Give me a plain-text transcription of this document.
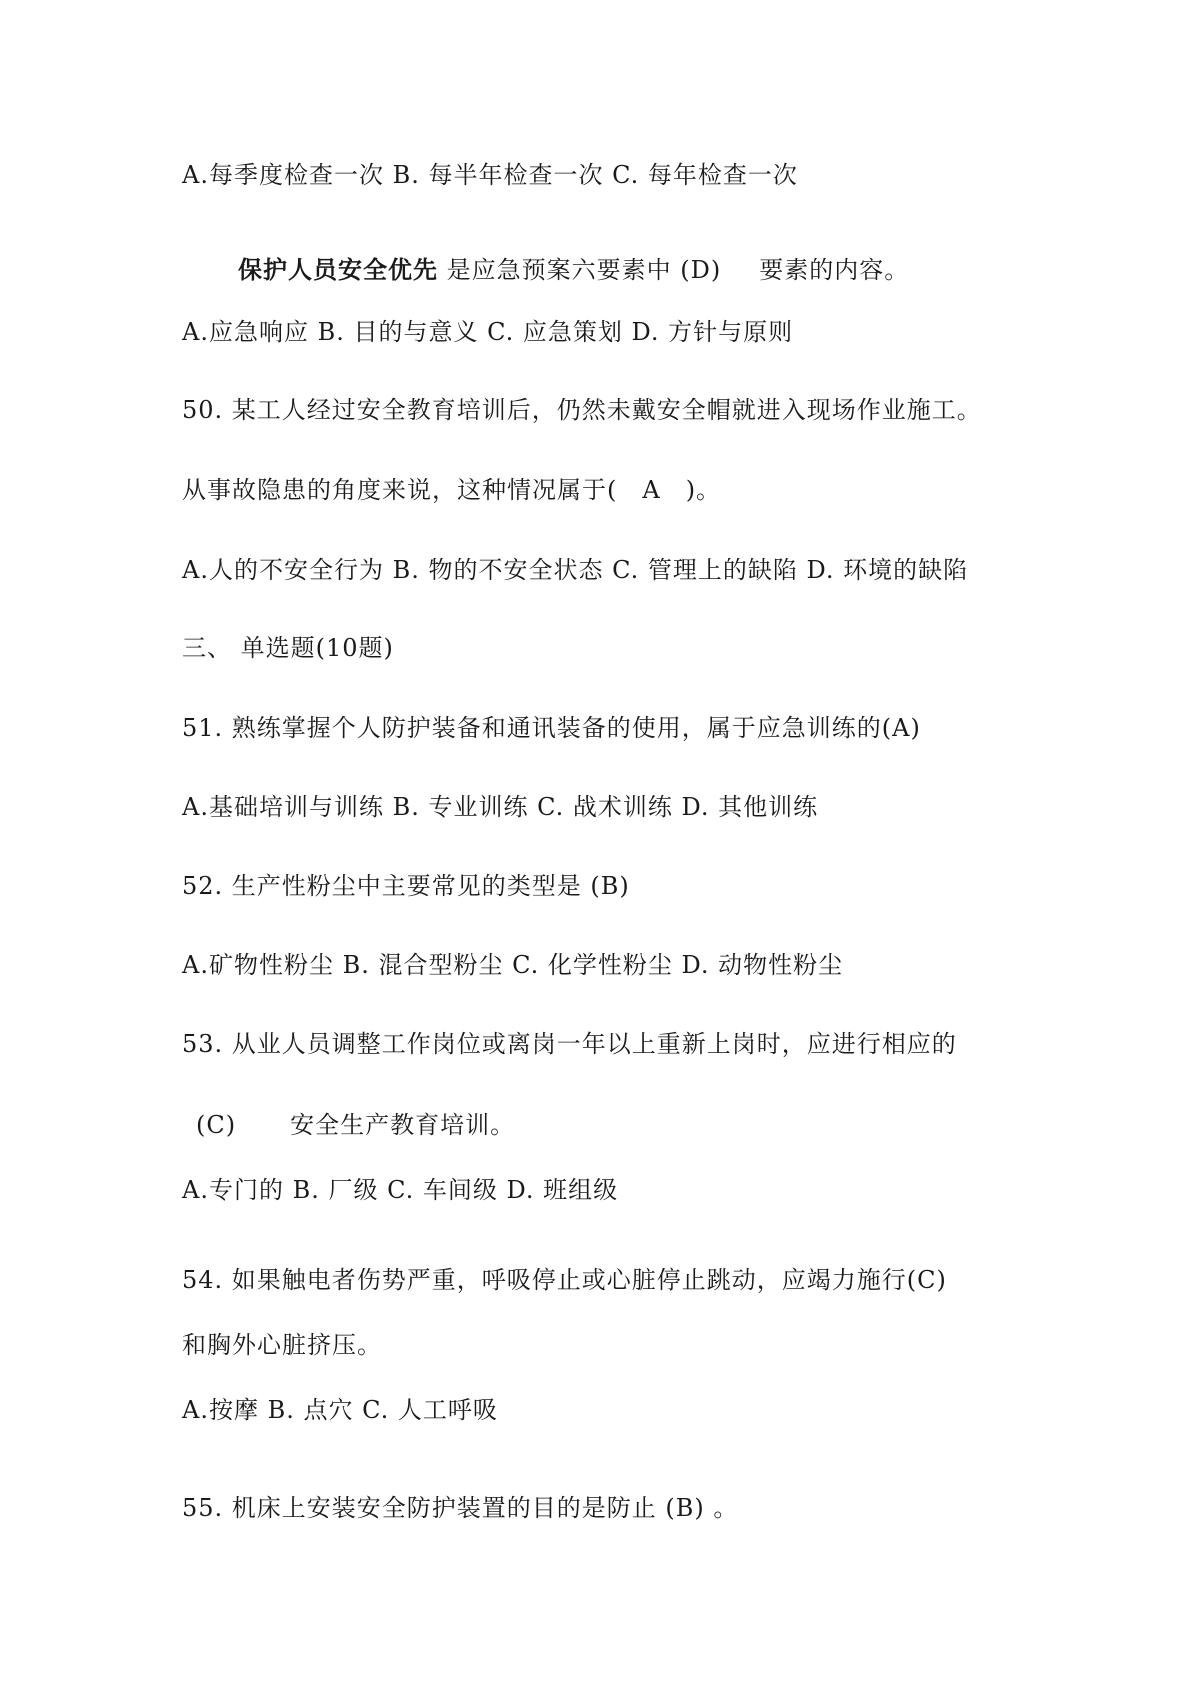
A.每季度检查一次 B. 每半年检查一次 C. 每年检查一次
保护人员安全优先 是应急预案六要素中 (D) 要素的内容。
A.应急响应 B. 目的与意义 C. 应急策划 D. 方针与原则
50. 某工人经过安全教育培训后，仍然未戴安全帽就进入现场作业施工。
从事故隐患的角度来说，这种情况属于(　A　)。
A.人的不安全行为 B. 物的不安全状态 C. 管理上的缺陷 D. 环境的缺陷
三、 单选题(10题)
51. 熟练掌握个人防护装备和通讯装备的使用，属于应急训练的(A)
A.基础培训与训练 B. 专业训练 C. 战术训练 D. 其他训练
52. 生产性粉尘中主要常见的类型是 (B)
A.矿物性粉尘 B. 混合型粉尘 C. 化学性粉尘 D. 动物性粉尘
53. 从业人员调整工作岗位或离岗一年以上重新上岗时，应进行相应的
(C) 安全生产教育培训。
A.专门的 B. 厂级 C. 车间级 D. 班组级
54. 如果触电者伤势严重，呼吸停止或心脏停止跳动，应竭力施行(C)
和胸外心脏挤压。
A.按摩 B. 点穴 C. 人工呼吸
55. 机床上安装安全防护装置的目的是防止 (B) 。
